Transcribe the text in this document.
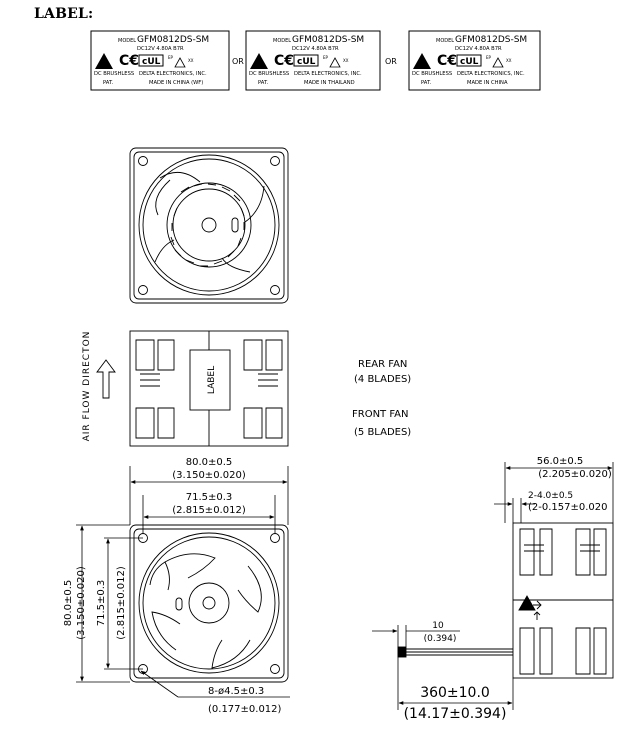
LABEL:
MODEL GFM0812DS-SM
DC12V 4.80A B7R
C€ ᴄUL EP
XX
DC BRUSHLESS DELTA ELECTRONICS, INC.
PAT.	MADE IN CHINA (WF)
OR
MODEL GFM0812DS-SM
DC12V 4.80A B7R
C€ ᴄUL EP
XX
DC BRUSHLESS DELTA ELECTRONICS, INC.
PAT.	MADE IN THAILAND
OR
MODEL GFM0812DS-SM
DC12V 4.80A B7R
C€ ᴄUL EP
XX
DC BRUSHLESS DELTA ELECTRONICS, INC.
PAT.	MADE IN CHINA
LABEL
AIR FLOW DIRECTON	REAR FAN
(4 BLADES)
FRONT FAN
(5 BLADES)
80.0±0.5
(3.150±0.020)
71.5±0.3
(2.815±0.012)
80.0±0.5 (3.150±0.020) 71.5±0.3 (2.815±0.012)
8-ø4.5±0.3
(0.177±0.012)
56.0±0.5
(2.205±0.020)
2-4.0±0.5
(2-0.157±0.020
10
(0.394)
360±10.0
(14.17±0.394)
